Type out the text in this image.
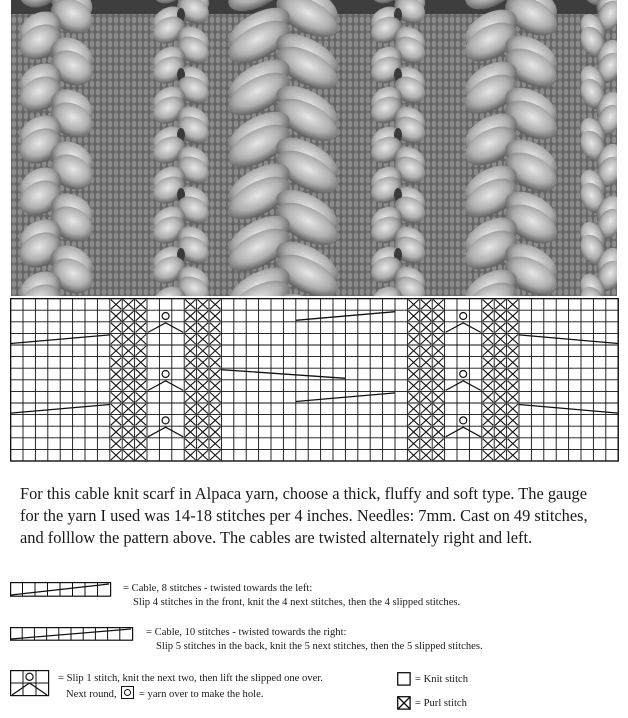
For this cable knit scarf in Alpaca yarn, choose a thick, fluffy and soft type. The gauge
for the yarn I used was 14-18 stitches per 4 inches. Needles: 7mm. Cast on 49 stitches,
and folllow the pattern above. The cables are twisted alternately right and left.
= Cable, 8 stitches - twisted towards the left:
Slip 4 stitches in the front, knit the 4 next stitches, then the 4 slipped stitches.
= Cable, 10 stitches - twisted towards the right:
Slip 5 stitches in the back, knit the 5 next stitches, then the 5 slipped stitches.
= Slip 1 stitch, knit the next two, then lift the slipped one over.
Next round, = yarn over to make the hole.
= Knit stitch
= Purl stitch
